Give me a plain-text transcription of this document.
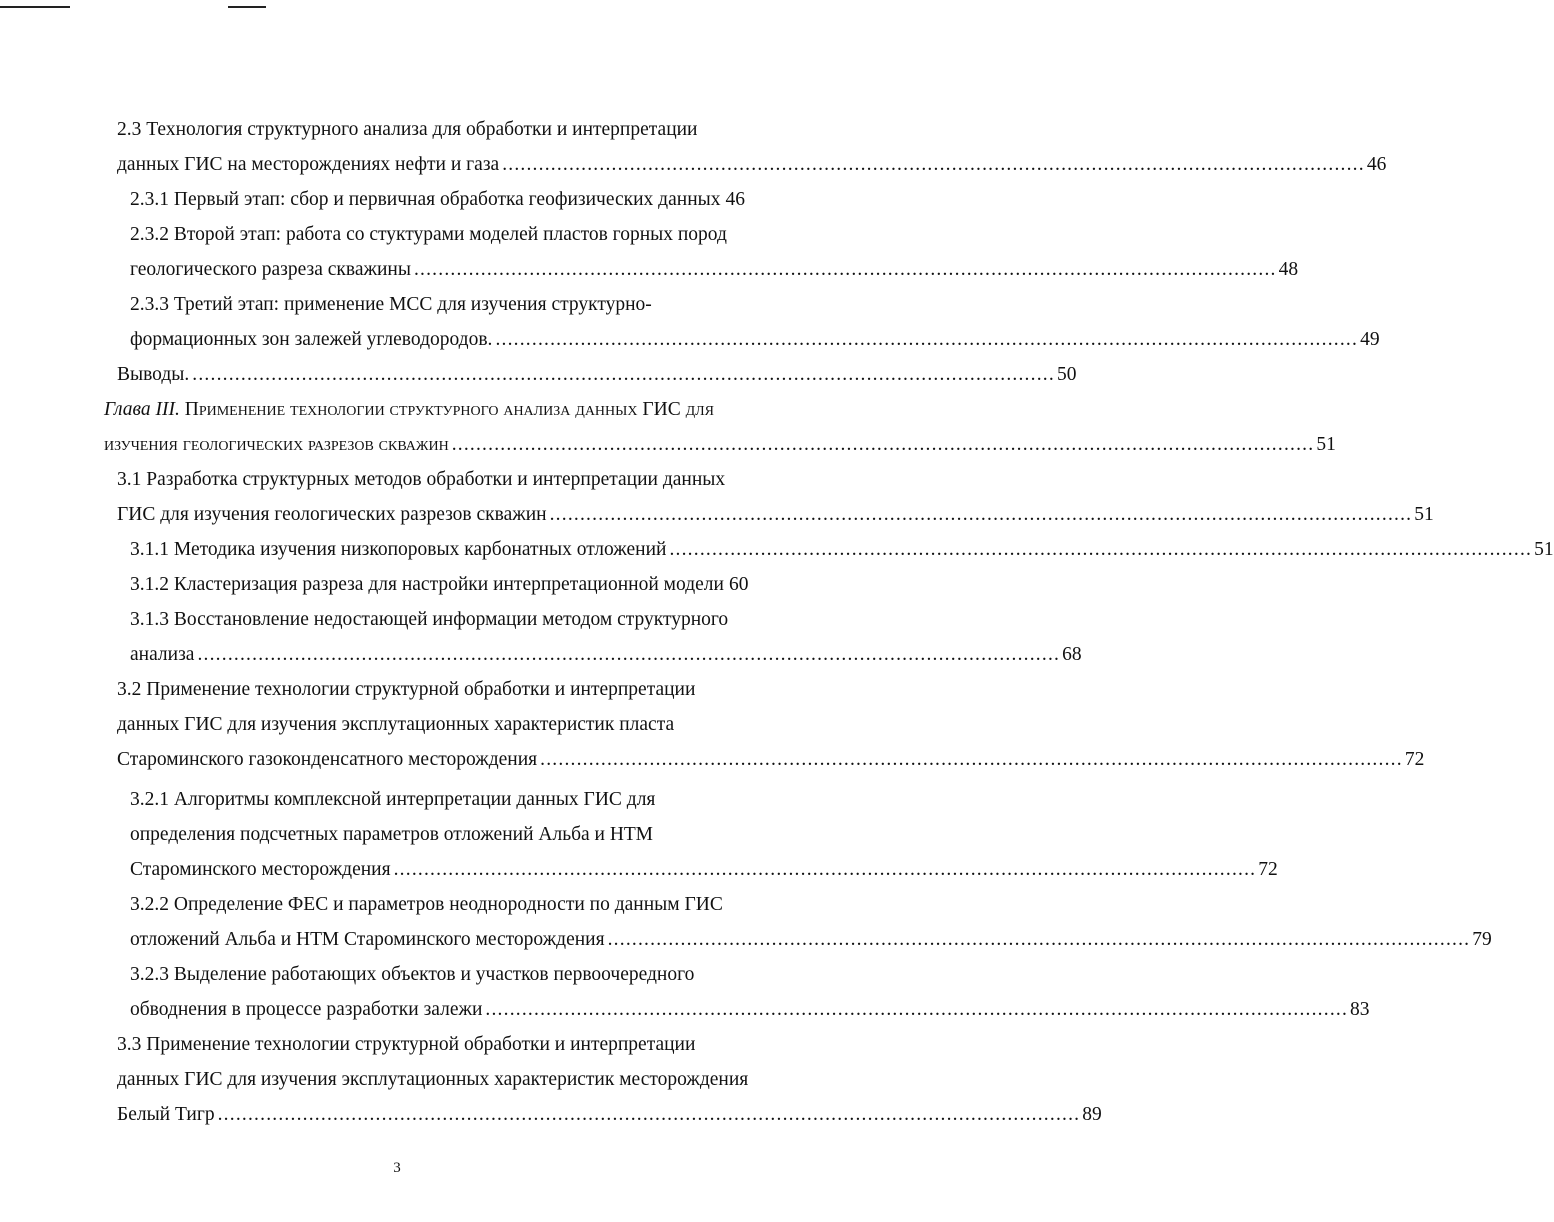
2.3 Технология структурного анализа для обработки и интерпретации
данных ГИС на месторождениях нефти и газа .............................................................................................................................................. 46
2.3.1 Первый этап: сбор и первичная обработка геофизических данных 46
2.3.2 Второй этап: работа со стуктурами моделей пластов горных пород
геологического разреза скважины .............................................................................................................................................. 48
2.3.3 Третий этап: применение МСС для изучения структурно-
формационных зон залежей углеводородов. .............................................................................................................................................. 49
Выводы. .............................................................................................................................................. 50
Глава III. Применение технологии структурного анализа данных ГИС для
изучения геологических разрезов скважин .............................................................................................................................................. 51
3.1 Разработка структурных методов обработки и интерпретации данных
ГИС для изучения геологических разрезов скважин .............................................................................................................................................. 51
3.1.1 Методика изучения низкопоровых карбонатных отложений .............................................................................................................................................. 51
3.1.2 Кластеризация разреза для настройки интерпретационной модели 60
3.1.3 Восстановление недостающей информации методом структурного
анализа .............................................................................................................................................. 68
3.2 Применение технологии структурной обработки и интерпретации
данных ГИС для изучения эксплутационных характеристик пласта
Староминского газоконденсатного месторождения .............................................................................................................................................. 72
3.2.1 Алгоритмы комплексной интерпретации данных ГИС для
определения подсчетных параметров отложений Альба и НТМ
Староминского месторождения .............................................................................................................................................. 72
3.2.2 Определение ФЕС и параметров неоднородности по данным ГИС
отложений Альба и НТМ Староминского месторождения .............................................................................................................................................. 79
3.2.3 Выделение работающих объектов и участков первоочередного
обводнения в процессе разработки залежи .............................................................................................................................................. 83
3.3 Применение технологии структурной обработки и интерпретации
данных ГИС для изучения эксплутационных характеристик месторождения
Белый Тигр .............................................................................................................................................. 89
3
